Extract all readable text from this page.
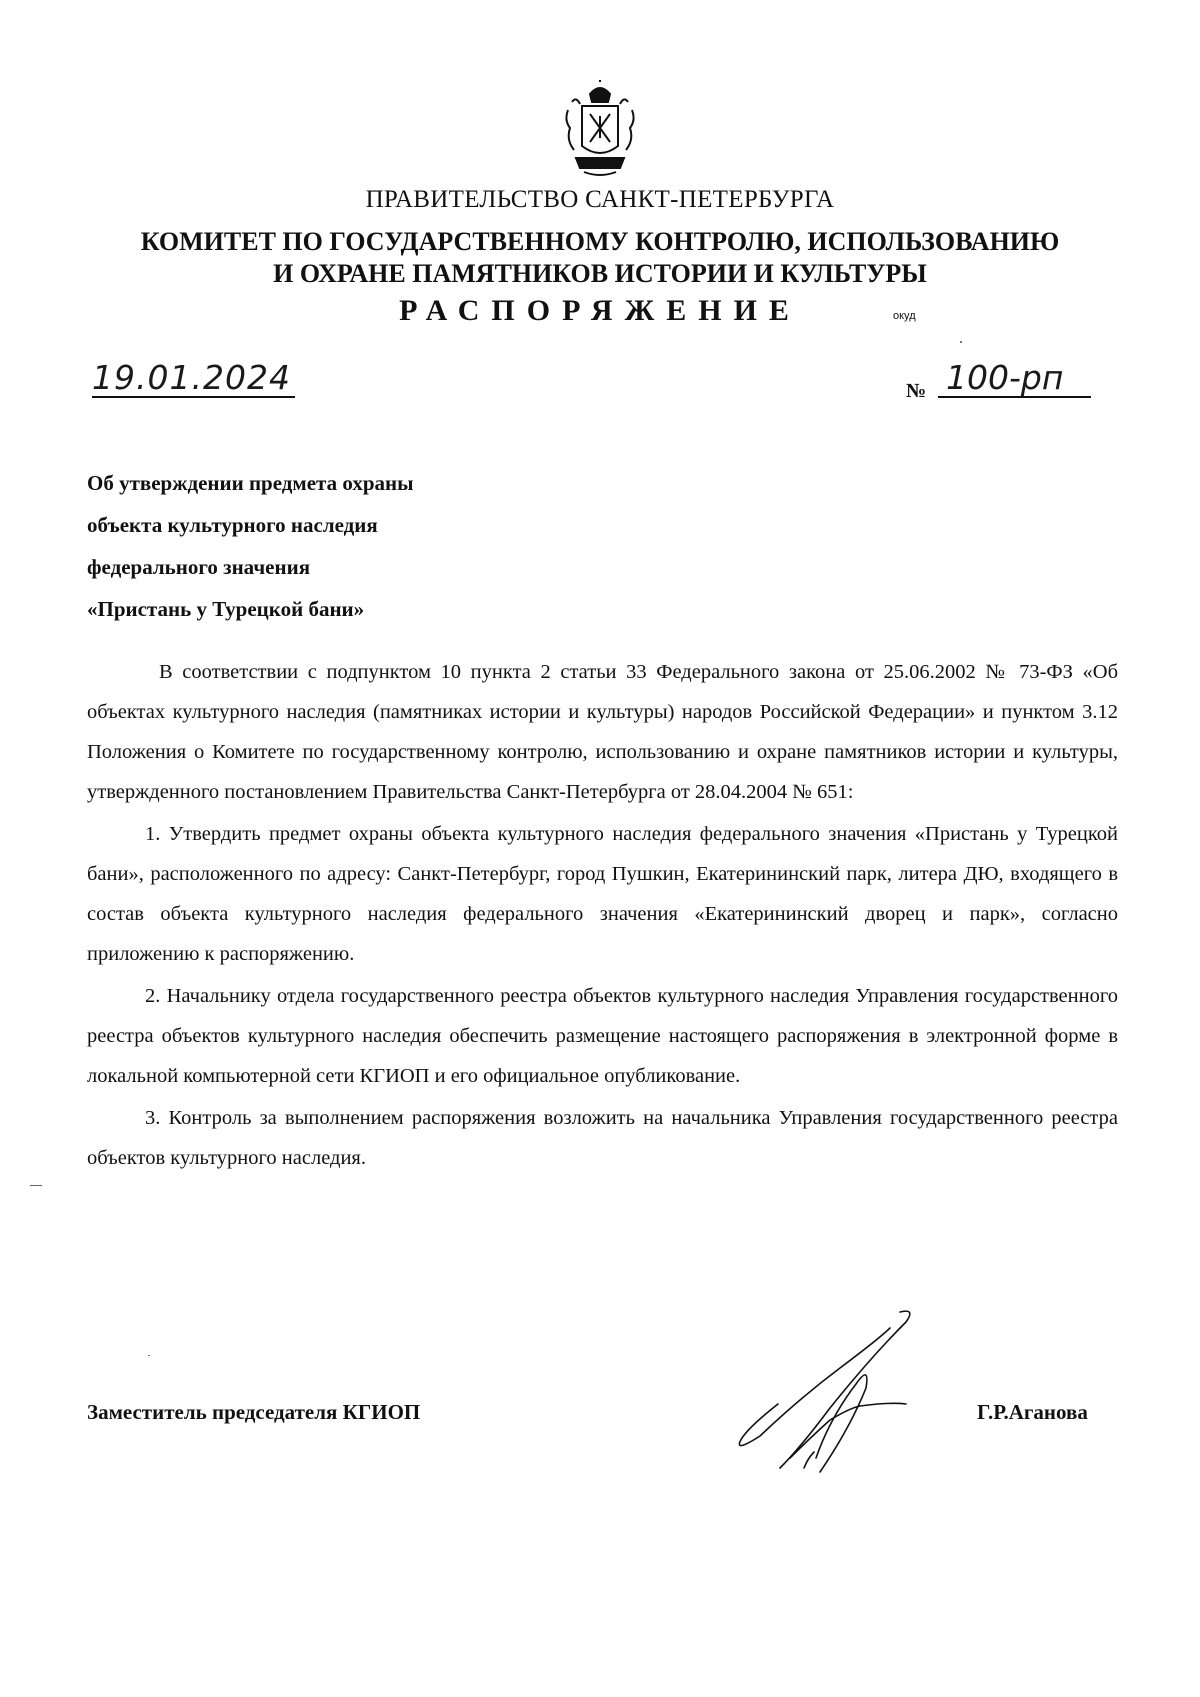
ПРАВИТЕЛЬСТВО САНКТ-ПЕТЕРБУРГА
КОМИТЕТ ПО ГОСУДАРСТВЕННОМУ КОНТРОЛЮ, ИСПОЛЬЗОВАНИЮ
И ОХРАНЕ ПАМЯТНИКОВ ИСТОРИИ И КУЛЬТУРЫ
РАСПОРЯЖЕНИЕ	окуд
19.01.2024	№ 100-рп
Об утверждении предмета охраны
объекта культурного наследия
федерального значения
«Пристань у Турецкой бани»

В соответствии с подпунктом 10 пункта 2 статьи 33 Федерального закона от 25.06.2002 № 73-ФЗ «Об объектах культурного наследия (памятниках истории и культуры) народов Российской Федерации» и пунктом 3.12 Положения о Комитете по государственному контролю, использованию и охране памятников истории и культуры, утвержденного постановлением Правительства Санкт-Петербурга от 28.04.2004 № 651:

1. Утвердить предмет охраны объекта культурного наследия федерального значения «Пристань у Турецкой бани», расположенного по адресу: Санкт-Петербург, город Пушкин, Екатерининский парк, литера ДЮ, входящего в состав объекта культурного наследия федерального значения «Екатерининский дворец и парк», согласно приложению к распоряжению.

2. Начальнику отдела государственного реестра объектов культурного наследия Управления государственного реестра объектов культурного наследия обеспечить размещение настоящего распоряжения в электронной форме в локальной компьютерной сети КГИОП и его официальное опубликование.

3. Контроль за выполнением распоряжения возложить на начальника Управления государственного реестра объектов культурного наследия.

Заместитель председателя КГИОП	Г.Р.Аганова
